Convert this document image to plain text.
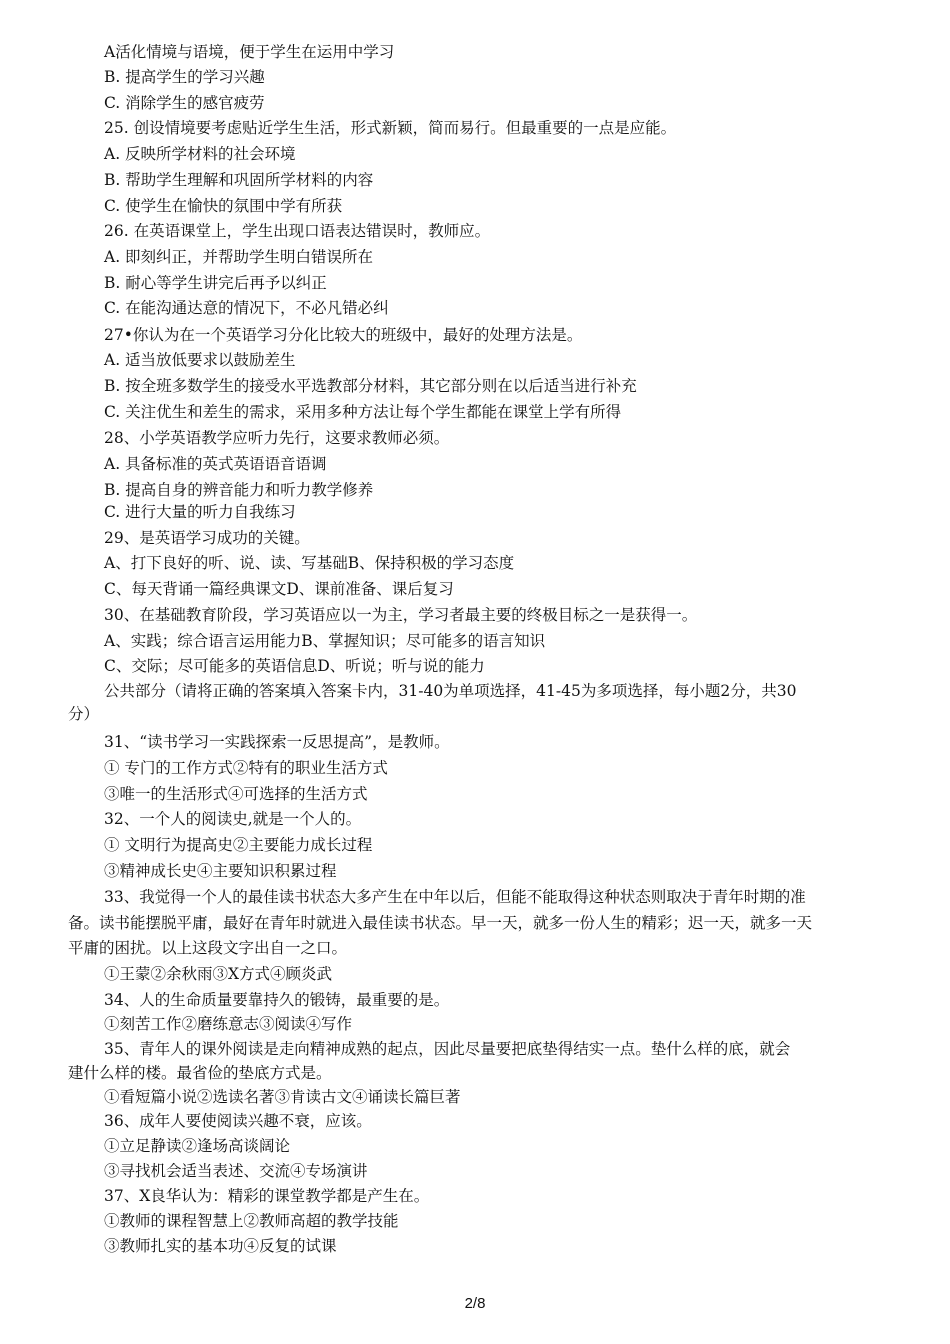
A活化情境与语境，便于学生在运用中学习
B. 提高学生的学习兴趣
C. 消除学生的感官疲劳
25. 创设情境要考虑贴近学生生活，形式新颖，简而易行。但最重要的一点是应能。
A. 反映所学材料的社会环境
B. 帮助学生理解和巩固所学材料的内容
C. 使学生在愉快的氛围中学有所获
26. 在英语课堂上，学生出现口语表达错误时，教师应。
A. 即刻纠正，并帮助学生明白错误所在
B. 耐心等学生讲完后再予以纠正
C. 在能沟通达意的情况下，不必凡错必纠
27•你认为在一个英语学习分化比较大的班级中，最好的处理方法是。
A. 适当放低要求以鼓励差生
B. 按全班多数学生的接受水平选教部分材料，其它部分则在以后适当进行补充
C. 关注优生和差生的需求，采用多种方法让每个学生都能在课堂上学有所得
28、小学英语教学应听力先行，这要求教师必须。
A. 具备标准的英式英语语音语调
B. 提高自身的辨音能力和听力教学修养
C. 进行大量的听力自我练习
29、是英语学习成功的关键。
A、打下良好的听、说、读、写基础B、保持积极的学习态度
C、每天背诵一篇经典课文D、课前准备、课后复习
30、在基础教育阶段，学习英语应以一为主，学习者最主要的终极目标之一是获得一。
A、实践；综合语言运用能力B、掌握知识；尽可能多的语言知识
C、交际；尽可能多的英语信息D、听说；听与说的能力
公共部分（请将正确的答案填入答案卡内，31-40为单项选择，41-45为多项选择，每小题2分，共30
分）
31、“读书学习一实践探索一反思提高”，是教师。
① 专门的工作方式②特有的职业生活方式
③唯一的生活形式④可选择的生活方式
32、一个人的阅读史,就是一个人的。
① 文明行为提高史②主要能力成长过程
③精神成长史④主要知识积累过程
33、我觉得一个人的最佳读书状态大多产生在中年以后，但能不能取得这种状态则取决于青年时期的准
备。读书能摆脱平庸，最好在青年时就进入最佳读书状态。早一天，就多一份人生的精彩；迟一天，就多一天
平庸的困扰。以上这段文字出自一之口。
①王蒙②余秋雨③X方式④顾炎武
34、人的生命质量要靠持久的锻铸，最重要的是。
①刻苦工作②磨练意志③阅读④写作
35、青年人的课外阅读是走向精神成熟的起点，因此尽量要把底垫得结实一点。垫什么样的底，就会
建什么样的楼。最省俭的垫底方式是。
①看短篇小说②选读名著③肯读古文④诵读长篇巨著
36、成年人要使阅读兴趣不衰，应该。
①立足静读②逢场高谈阔论
③寻找机会适当表述、交流④专场演讲
37、X良华认为：精彩的课堂教学都是产生在。
①教师的课程智慧上②教师高超的教学技能
③教师扎实的基本功④反复的试课
2/8
